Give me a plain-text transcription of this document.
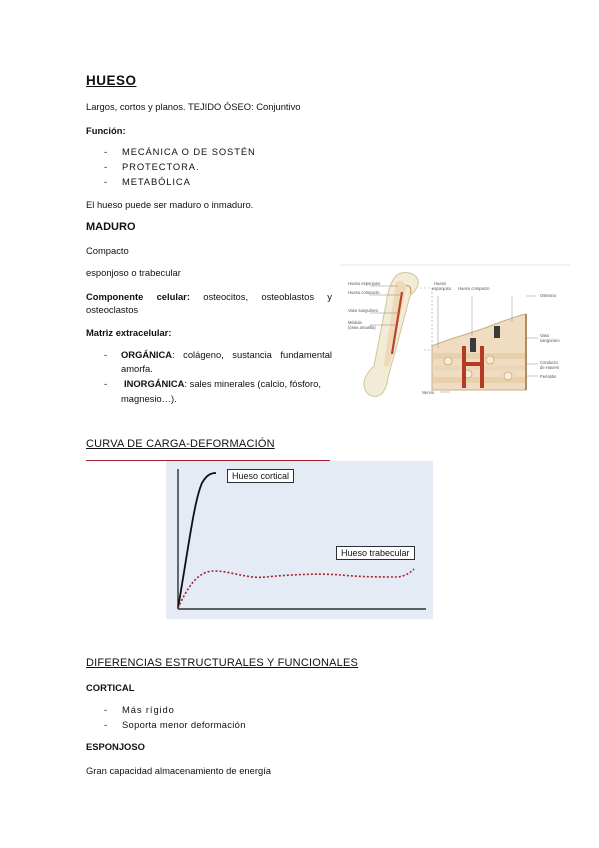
HUESO
Largos, cortos y planos. TEJIDO ÓSEO: Conjuntivo
Función:
- MECÁNICA O DE SOSTÉN
- PROTECTORA.
- METABÓLICA
El hueso puede ser maduro o inmaduro.
MADURO
Compacto
esponjoso o trabecular
Componente celular: osteocitos, osteoblastos y
osteoclastos
Matriz extracelular:
- ORGÁNICA: colágeno, sustancia fundamental
amorfa.
- INORGÁNICA: sales minerales (calcio, fósforo,
magnesio…).
Hueso esponjoso
Hueso compacto
Vaso sanguíneo
Médula
(ósea amarilla)
Hueso
esponjoso Hueso compacto
Osteona
Vaso
sanguíneo
Conducto
de Havers
Periostio
Nervio
CURVA DE CARGA-DEFORMACIÓN
Hueso cortical
Hueso trabecular
DIFERENCIAS ESTRUCTURALES Y FUNCIONALES
CORTICAL
- Más rígido
- Soporta menor deformación
ESPONJOSO
Gran capacidad almacenamiento de energía
